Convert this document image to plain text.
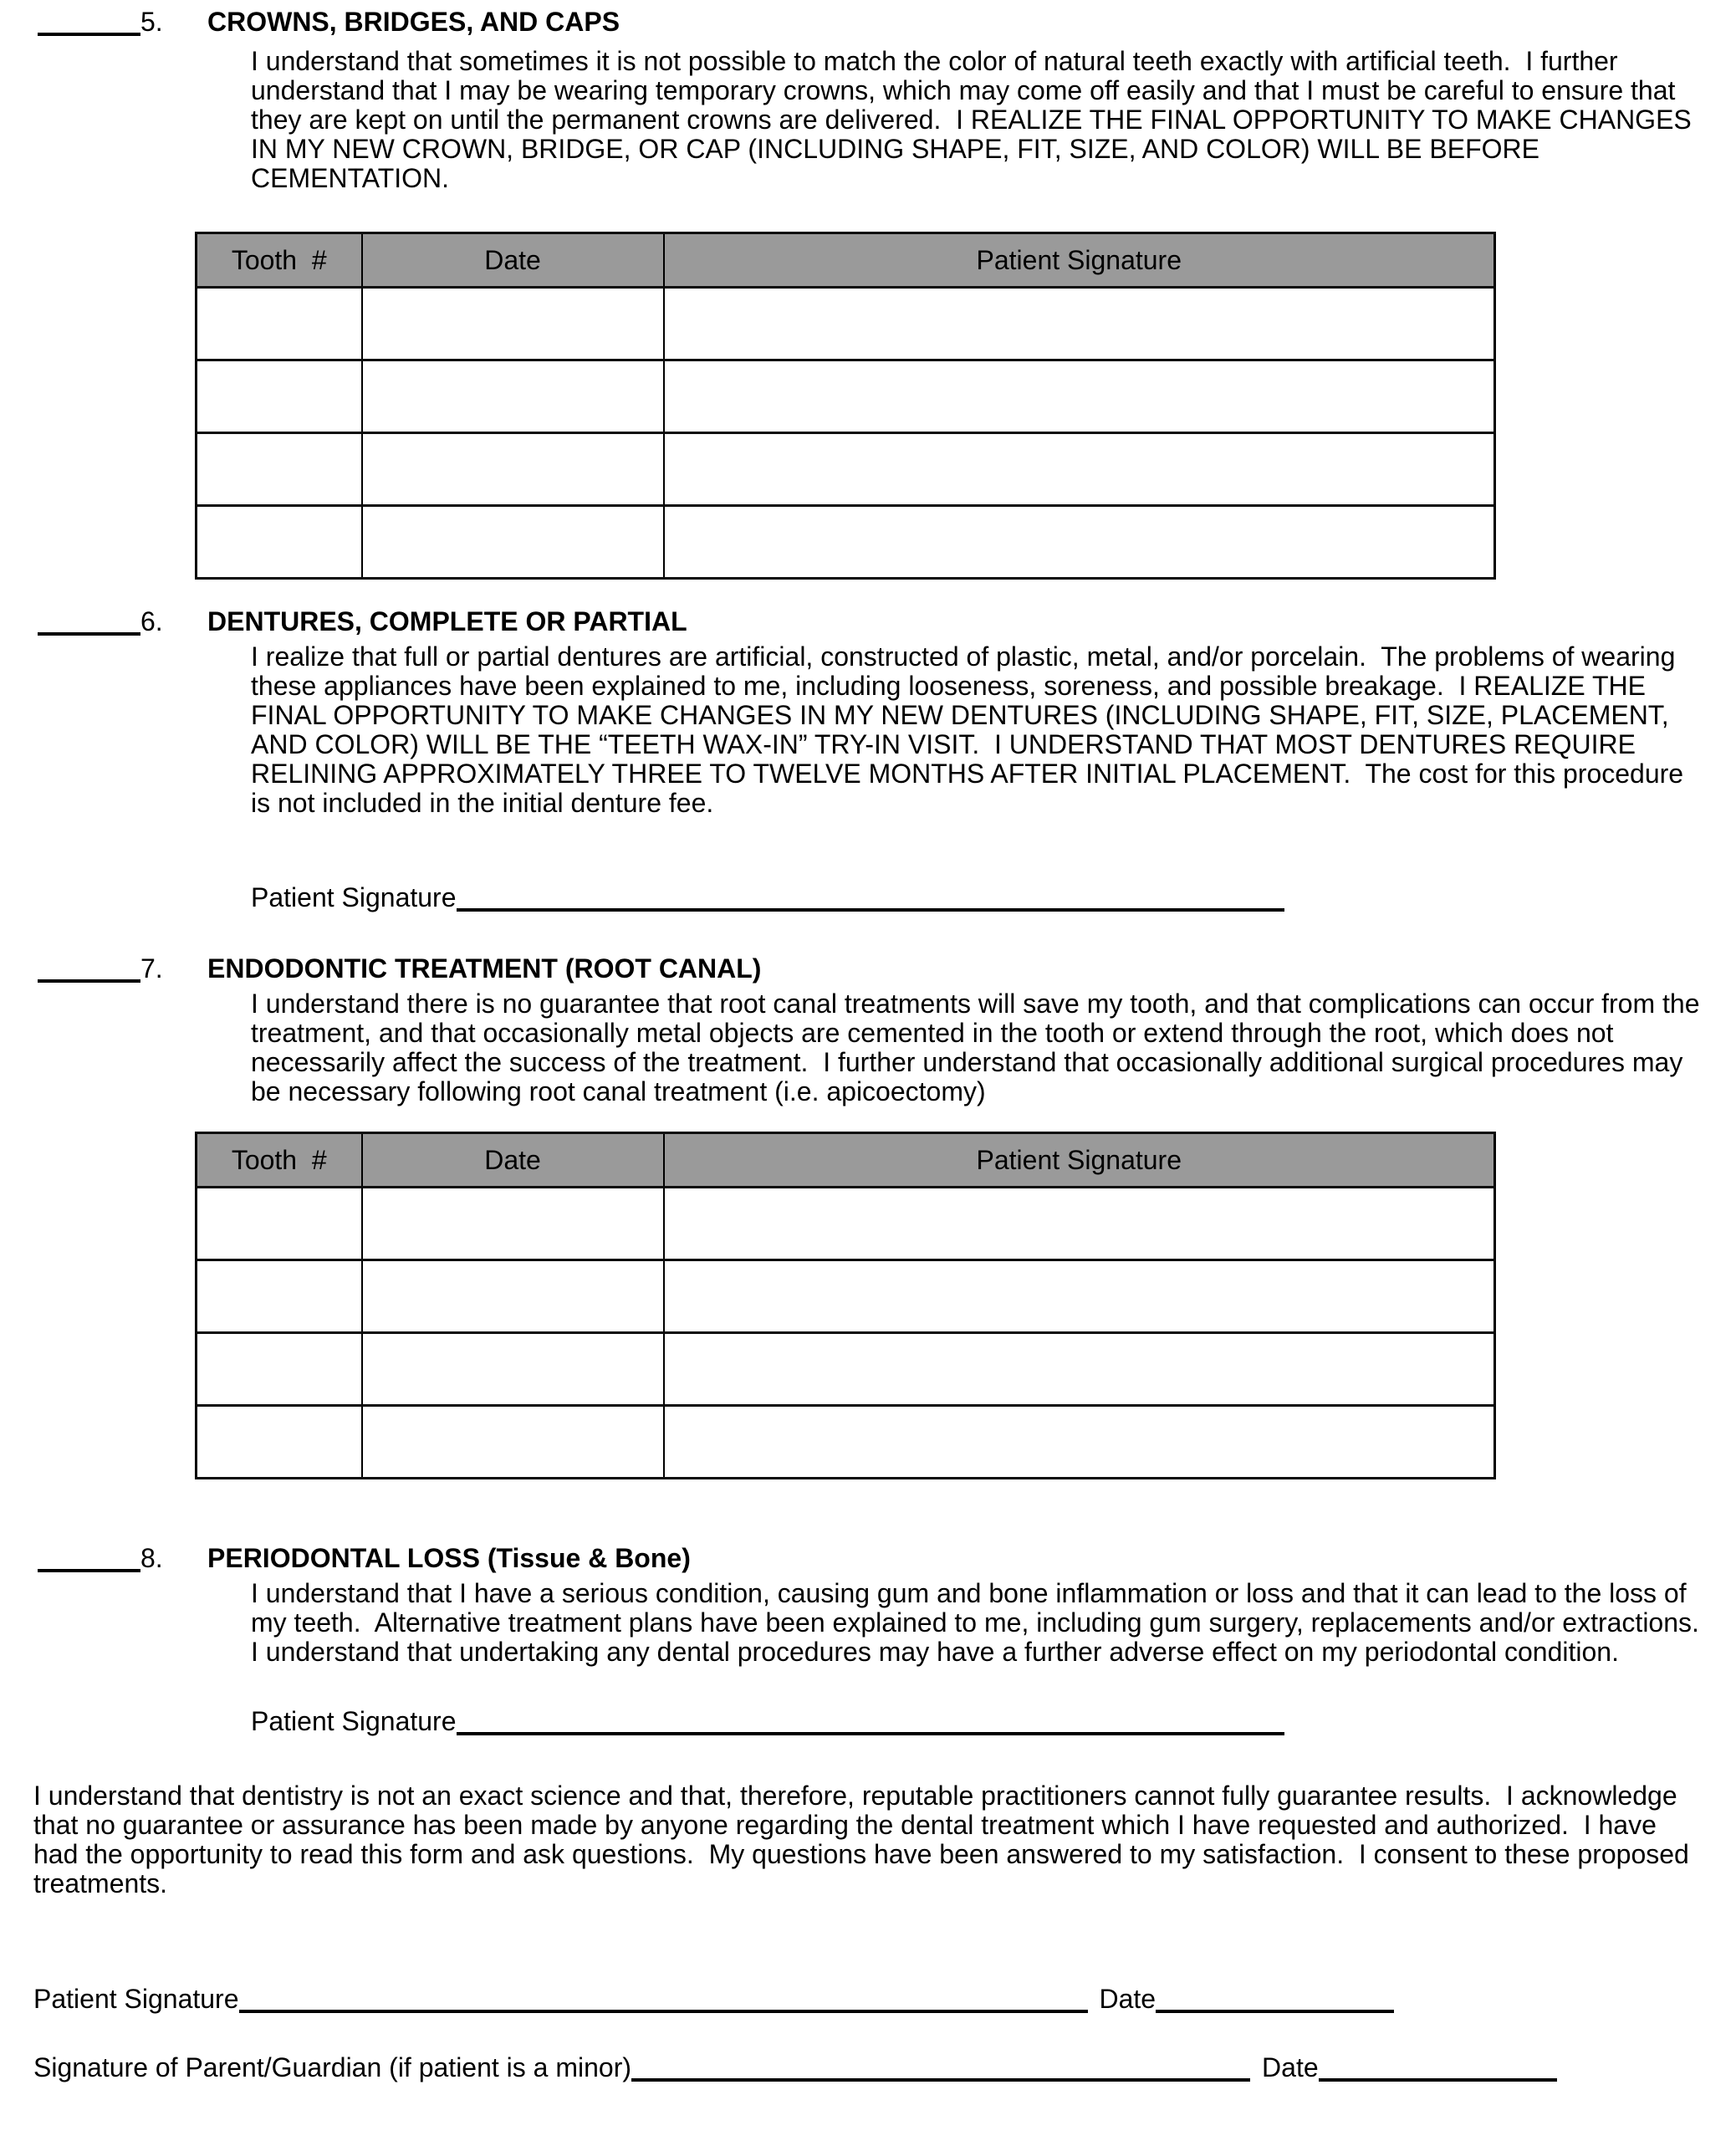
5. CROWNS, BRIDGES, AND CAPS

I understand that sometimes it is not possible to match the color of natural teeth exactly with artificial teeth.  I further understand that I may be wearing temporary crowns, which may come off easily and that I must be careful to ensure that they are kept on until the permanent crowns are delivered.  I REALIZE THE FINAL OPPORTUNITY TO MAKE CHANGES IN MY NEW CROWN, BRIDGE, OR CAP (INCLUDING SHAPE, FIT, SIZE, AND COLOR) WILL BE BEFORE CEMENTATION.

Tooth  #	Date	Patient Signature

6. DENTURES, COMPLETE OR PARTIAL

I realize that full or partial dentures are artificial, constructed of plastic, metal, and/or porcelain.  The problems of wearing these appliances have been explained to me, including looseness, soreness, and possible breakage.  I REALIZE THE FINAL OPPORTUNITY TO MAKE CHANGES IN MY NEW DENTURES (INCLUDING SHAPE, FIT, SIZE, PLACEMENT, AND COLOR) WILL BE THE “TEETH WAX-IN” TRY-IN VISIT.  I UNDERSTAND THAT MOST DENTURES REQUIRE RELINING APPROXIMATELY THREE TO TWELVE MONTHS AFTER INITIAL PLACEMENT.  The cost for this procedure is not included in the initial denture fee.

Patient Signature
7. ENDODONTIC TREATMENT (ROOT CANAL)

I understand there is no guarantee that root canal treatments will save my tooth, and that complications can occur from the treatment, and that occasionally metal objects are cemented in the tooth or extend through the root, which does not necessarily affect the success of the treatment.  I further understand that occasionally additional surgical procedures may be necessary following root canal treatment (i.e. apicoectomy)

Tooth  #	Date	Patient Signature

8. PERIODONTAL LOSS (Tissue & Bone)

I understand that I have a serious condition, causing gum and bone inflammation or loss and that it can lead to the loss of my teeth.  Alternative treatment plans have been explained to me, including gum surgery, replacements and/or extractions.  I understand that undertaking any dental procedures may have a further adverse effect on my periodontal condition.

Patient Signature

I understand that dentistry is not an exact science and that, therefore, reputable practitioners cannot fully guarantee results.  I acknowledge that no guarantee or assurance has been made by anyone regarding the dental treatment which I have requested and authorized.  I have had the opportunity to read this form and ask questions.  My questions have been answered to my satisfaction.  I consent to these proposed treatments.

Patient Signature	Date
Signature of Parent/Guardian (if patient is a minor)	Date
